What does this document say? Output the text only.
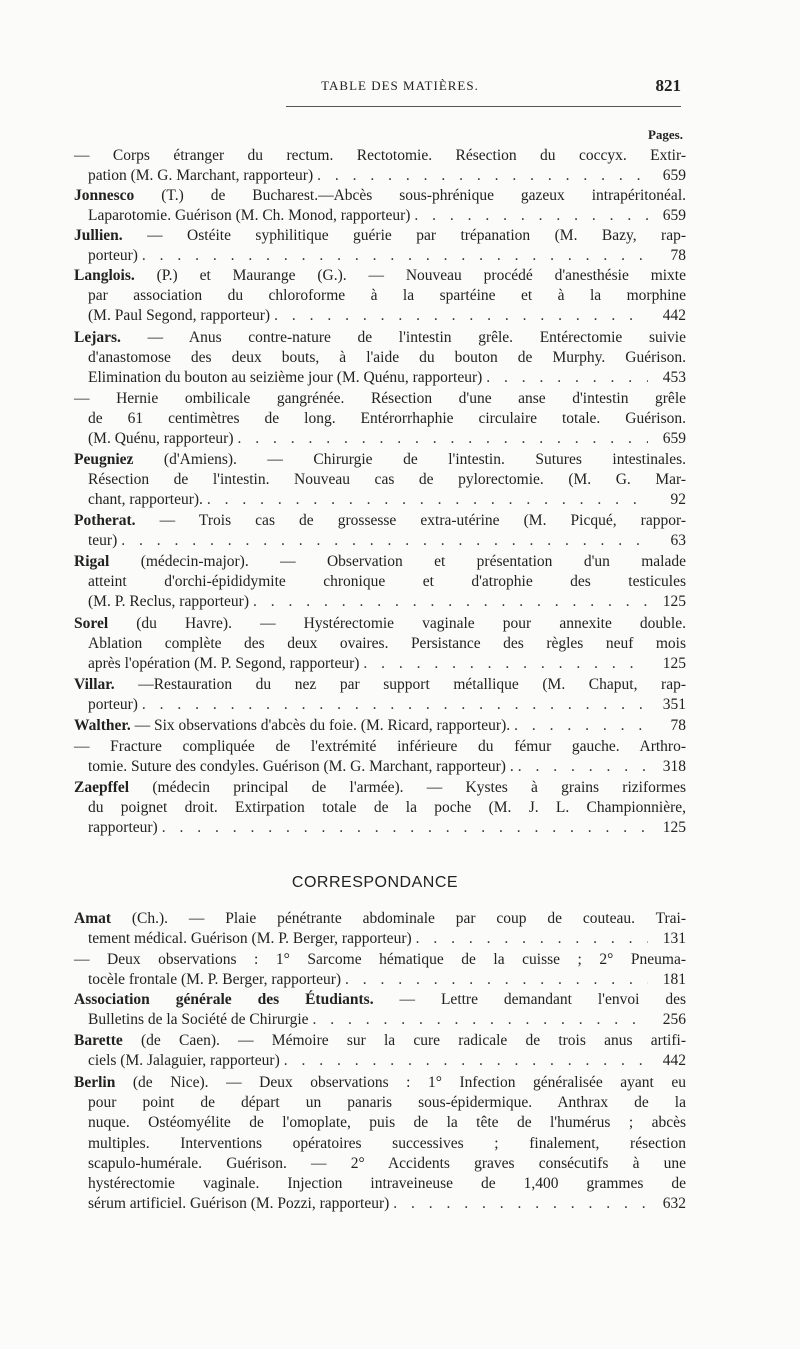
TABLE DES MATIÈRES.	821
Pages.
CORRESPONDANCE
— Corps étranger du rectum. Rectotomie. Résection du coccyx. Extir-
pation (M. G. Marchant, rapporteur) . . .	659
Jonnesco (T.) de Bucharest.—Abcès sous-phrénique gazeux intrapéritonéal.
Laparotomie. Guérison (M. Ch. Monod, rapporteur) . . .	659
Jullien. — Ostéite syphilitique guérie par trépanation (M. Bazy, rap-
porteur) . . .	78
Langlois. (P.) et Maurange (G.). — Nouveau procédé d'anesthésie mixte
par association du chloroforme à la spartéine et à la morphine
(M. Paul Segond, rapporteur) . . .	442
Lejars. — Anus contre-nature de l'intestin grêle. Entérectomie suivie
d'anastomose des deux bouts, à l'aide du bouton de Murphy. Guérison.
Elimination du bouton au seizième jour (M. Quénu, rapporteur) . . .	453
— Hernie ombilicale gangrénée. Résection d'une anse d'intestin grêle
de 61 centimètres de long. Entérorrhaphie circulaire totale. Guérison.
(M. Quénu, rapporteur) . . .	659
Peugniez (d'Amiens). — Chirurgie de l'intestin. Sutures intestinales.
Résection de l'intestin. Nouveau cas de pylorectomie. (M. G. Mar-
chant, rapporteur). . . .	92
Potherat. — Trois cas de grossesse extra-utérine (M. Picqué, rappor-
teur) . . .	63
Rigal (médecin-major). — Observation et présentation d'un malade
atteint d'orchi-épididymite chronique et d'atrophie des testicules
(M. P. Reclus, rapporteur) . . .	125
Sorel (du Havre). — Hystérectomie vaginale pour annexite double.
Ablation complète des deux ovaires. Persistance des règles neuf mois
après l'opération (M. P. Segond, rapporteur) . . .	125
Villar. —Restauration du nez par support métallique (M. Chaput, rap-
porteur) . . .	351
Walther. — Six observations d'abcès du foie. (M. Ricard, rapporteur). . . .	78
— Fracture compliquée de l'extrémité inférieure du fémur gauche. Arthro-
tomie. Suture des condyles. Guérison (M. G. Marchant, rapporteur) . . . .	318
Zaepffel (médecin principal de l'armée). — Kystes à grains riziformes
du poignet droit. Extirpation totale de la poche (M. J. L. Championnière,
rapporteur) . . .	125
Amat (Ch.). — Plaie pénétrante abdominale par coup de couteau. Trai-
tement médical. Guérison (M. P. Berger, rapporteur) . . .	131
— Deux observations : 1° Sarcome hématique de la cuisse ; 2° Pneuma-
tocèle frontale (M. P. Berger, rapporteur) . . .	181
Association générale des Étudiants. — Lettre demandant l'envoi des
Bulletins de la Société de Chirurgie . . .	256
Barette (de Caen). — Mémoire sur la cure radicale de trois anus artifi-
ciels (M. Jalaguier, rapporteur) . . .	442
Berlin (de Nice). — Deux observations : 1° Infection généralisée ayant eu
pour point de départ un panaris sous-épidermique. Anthrax de la
nuque. Ostéomyélite de l'omoplate, puis de la tête de l'humérus ; abcès
multiples. Interventions opératoires successives ; finalement, résection
scapulo-humérale. Guérison. — 2° Accidents graves consécutifs à une
hystérectomie vaginale. Injection intraveineuse de 1,400 grammes de
sérum artificiel. Guérison (M. Pozzi, rapporteur) . . .	632
